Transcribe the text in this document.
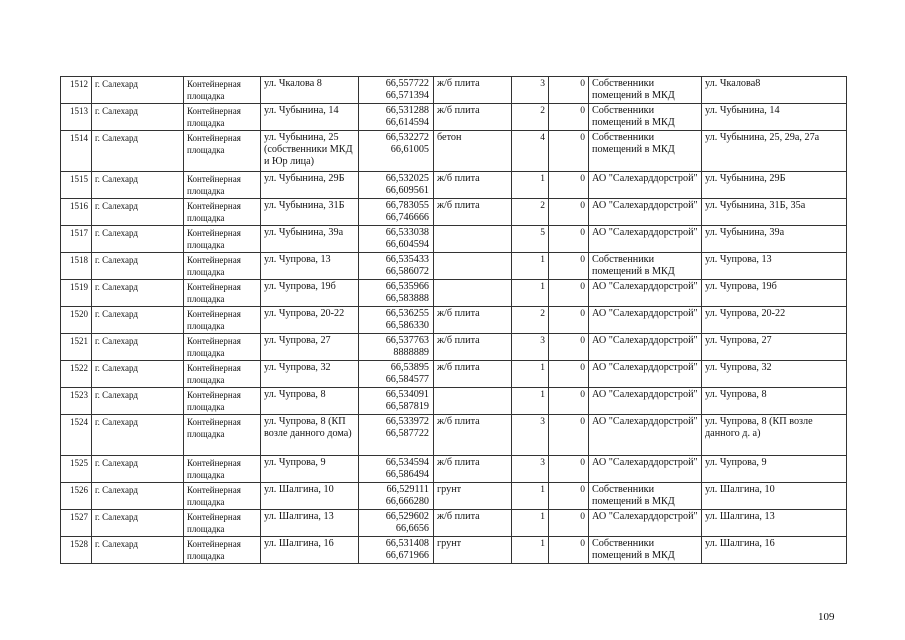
1512	г. Салехард	Контейнерная площадка	ул. Чкалова 8	66,557722 66,571394	ж/б плита	3	0	Собственники помещений в МКД	ул. Чкалова8
1513	г. Салехард	Контейнерная площадка	ул. Чубынина, 14	66,531288 66,614594	ж/б плита	2	0	Собственники помещений в МКД	ул. Чубынина, 14
1514	г. Салехард	Контейнерная площадка	ул. Чубынина, 25 (собственники МКД и Юр лица)	66,532272 66,61005	бетон	4	0	Собственники помещений в МКД	ул. Чубынина, 25, 29а, 27а
1515	г. Салехард	Контейнерная площадка	ул. Чубынина, 29Б	66,532025 66,609561	ж/б плита	1	0	АО "Салехарддорстрой"	ул. Чубынина, 29Б
1516	г. Салехард	Контейнерная площадка	ул. Чубынина, 31Б	66,783055 66,746666	ж/б плита	2	0	АО "Салехарддорстрой"	ул. Чубынина, 31Б, 35а
1517	г. Салехард	Контейнерная площадка	ул. Чубынина, 39а	66,533038 66,604594		5	0	АО "Салехарддорстрой"	ул. Чубынина, 39а
1518	г. Салехард	Контейнерная площадка	ул. Чупрова, 13	66,535433 66,586072		1	0	Собственники помещений в МКД	ул. Чупрова, 13
1519	г. Салехард	Контейнерная площадка	ул. Чупрова, 19б	66,535966 66,583888		1	0	АО "Салехарддорстрой"	ул. Чупрова, 19б
1520	г. Салехард	Контейнерная площадка	ул. Чупрова, 20-22	66,536255 66,586330	ж/б плита	2	0	АО "Салехарддорстрой"	ул. Чупрова, 20-22
1521	г. Салехард	Контейнерная площадка	ул. Чупрова, 27	66,537763 8888889	ж/б плита	3	0	АО "Салехарддорстрой"	ул. Чупрова, 27
1522	г. Салехард	Контейнерная площадка	ул. Чупрова, 32	66,53895 66,584577	ж/б плита	1	0	АО "Салехарддорстрой"	ул. Чупрова, 32
1523	г. Салехард	Контейнерная площадка	ул. Чупрова, 8	66,534091 66,587819		1	0	АО "Салехарддорстрой"	ул. Чупрова, 8
1524	г. Салехард	Контейнерная площадка	ул. Чупрова, 8 (КП возле данного дома)	66,533972 66,587722	ж/б плита	3	0	АО "Салехарддорстрой"	ул. Чупрова, 8 (КП возле данного д. а)
1525	г. Салехард	Контейнерная площадка	ул. Чупрова, 9	66,534594 66,586494	ж/б плита	3	0	АО "Салехарддорстрой"	ул. Чупрова, 9
1526	г. Салехард	Контейнерная площадка	ул. Шалгина, 10	66,529111 66,666280	грунт	1	0	Собственники помещений в МКД	ул. Шалгина, 10
1527	г. Салехард	Контейнерная площадка	ул. Шалгина, 13	66,529602 66,6656	ж/б плита	1	0	АО "Салехарддорстрой"	ул. Шалгина, 13
1528	г. Салехард	Контейнерная площадка	ул. Шалгина, 16	66,531408 66,671966	грунт	1	0	Собственники помещений в МКД	ул. Шалгина, 16
109
